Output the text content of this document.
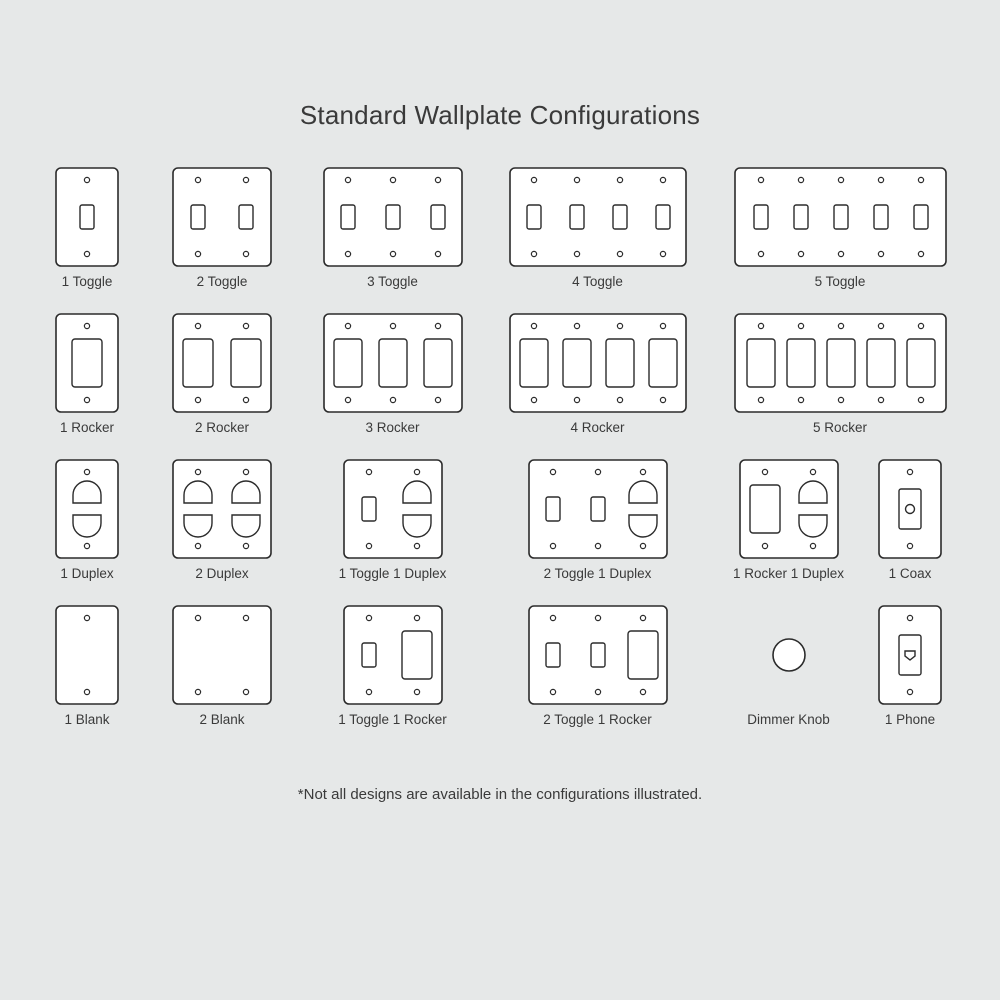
Standard Wallplate Configurations
1 Toggle	2 Toggle	3 Toggle	4 Toggle	5 Toggle
1 Rocker	2 Rocker	3 Rocker	4 Rocker	5 Rocker
1 Duplex	2 Duplex	1 Toggle 1 Duplex	2 Toggle 1 Duplex	1 Rocker 1 Duplex	1 Coax
1 Blank	2 Blank	1 Toggle 1 Rocker	2 Toggle 1 Rocker	Dimmer Knob	1 Phone
*Not all designs are available in the configurations illustrated.
